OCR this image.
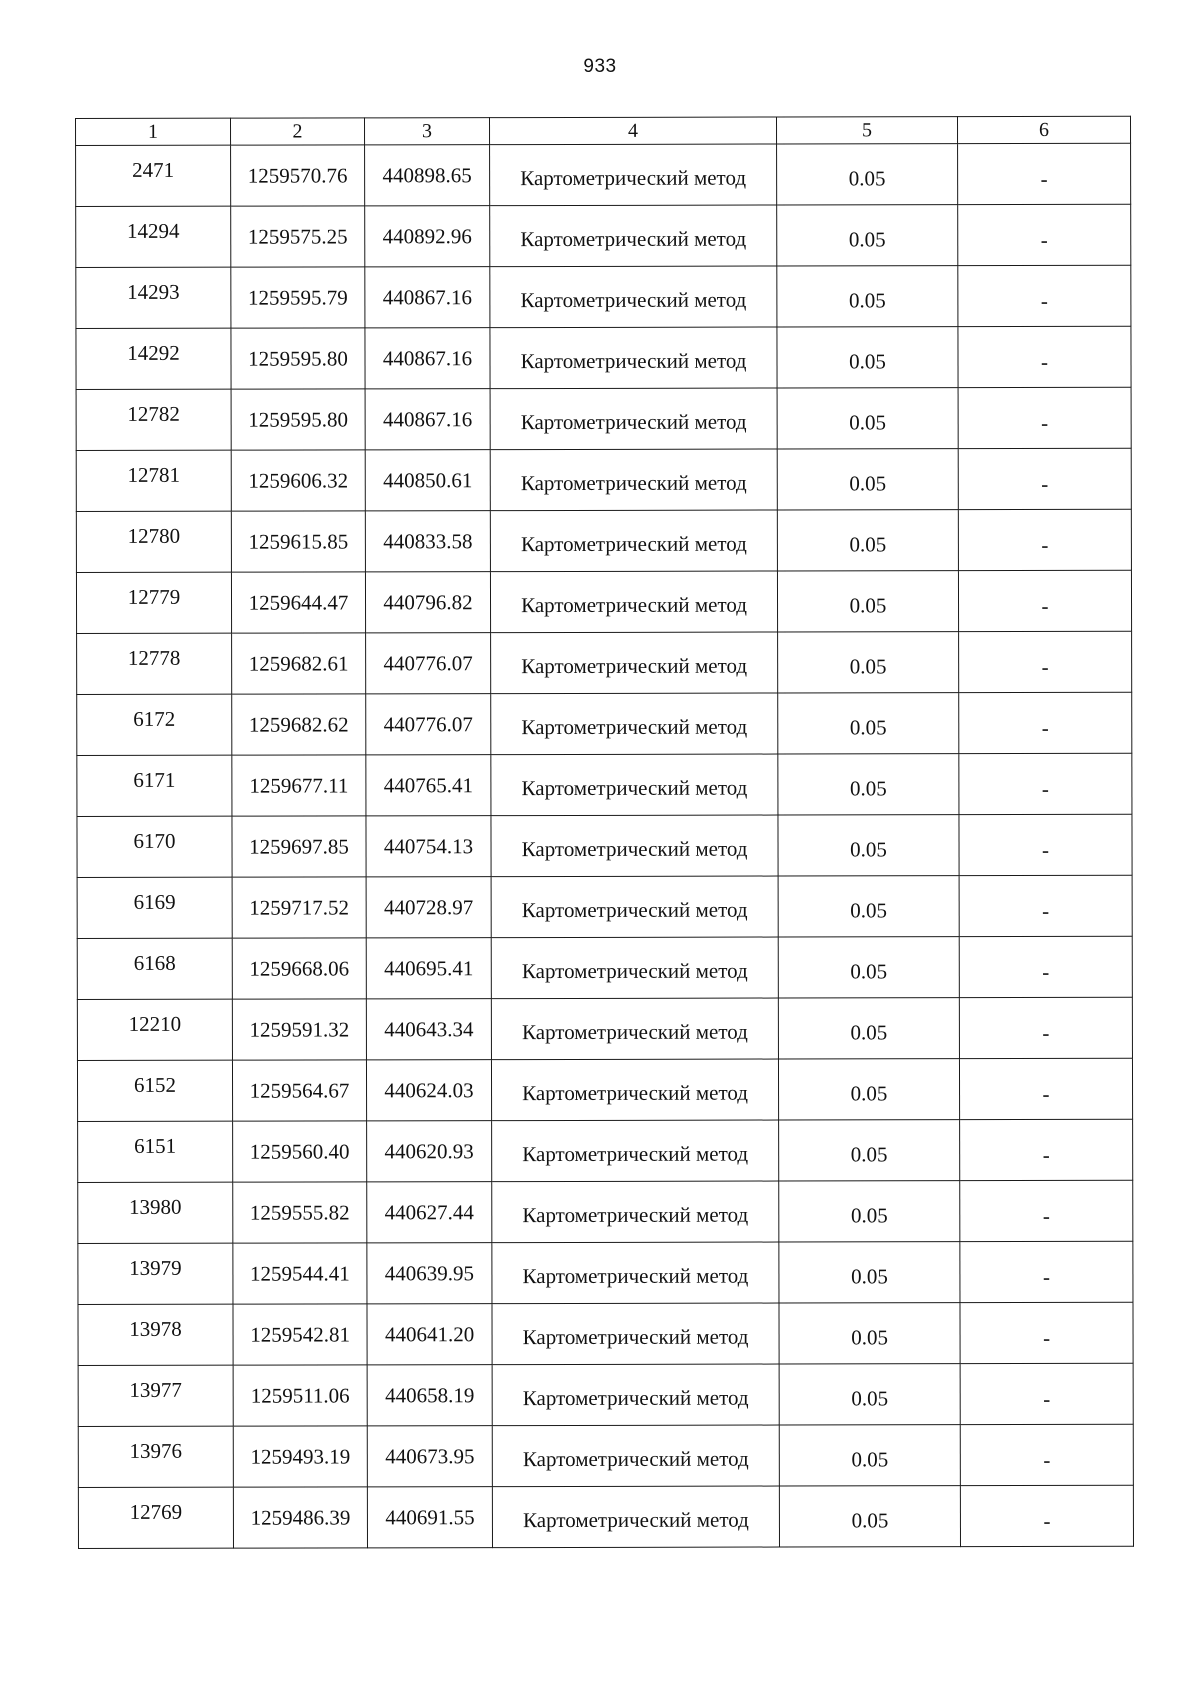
933
1	2	3	4	5	6
2471	1259570.76	440898.65	Картометрический метод	0.05	-
14294	1259575.25	440892.96	Картометрический метод	0.05	-
14293	1259595.79	440867.16	Картометрический метод	0.05	-
14292	1259595.80	440867.16	Картометрический метод	0.05	-
12782	1259595.80	440867.16	Картометрический метод	0.05	-
12781	1259606.32	440850.61	Картометрический метод	0.05	-
12780	1259615.85	440833.58	Картометрический метод	0.05	-
12779	1259644.47	440796.82	Картометрический метод	0.05	-
12778	1259682.61	440776.07	Картометрический метод	0.05	-
6172	1259682.62	440776.07	Картометрический метод	0.05	-
6171	1259677.11	440765.41	Картометрический метод	0.05	-
6170	1259697.85	440754.13	Картометрический метод	0.05	-
6169	1259717.52	440728.97	Картометрический метод	0.05	-
6168	1259668.06	440695.41	Картометрический метод	0.05	-
12210	1259591.32	440643.34	Картометрический метод	0.05	-
6152	1259564.67	440624.03	Картометрический метод	0.05	-
6151	1259560.40	440620.93	Картометрический метод	0.05	-
13980	1259555.82	440627.44	Картометрический метод	0.05	-
13979	1259544.41	440639.95	Картометрический метод	0.05	-
13978	1259542.81	440641.20	Картометрический метод	0.05	-
13977	1259511.06	440658.19	Картометрический метод	0.05	-
13976	1259493.19	440673.95	Картометрический метод	0.05	-
12769	1259486.39	440691.55	Картометрический метод	0.05	-
